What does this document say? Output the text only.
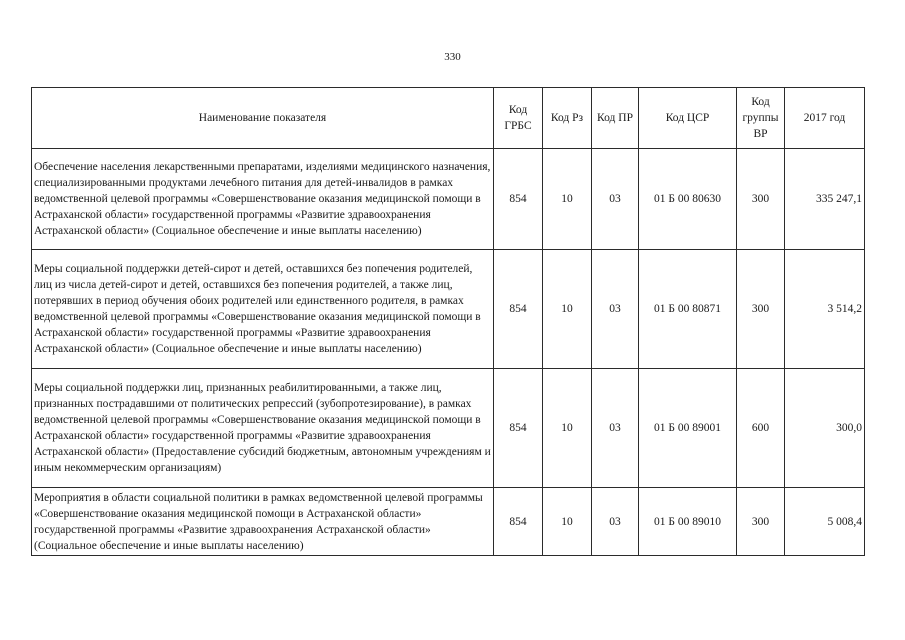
330
Наименование показателя	Код ГРБС	Код Рз	Код ПР	Код ЦСР	Код группы ВР	2017 год
Обеспечение населения лекарственными препаратами, изделиями медицинского назначения, специализированными продуктами лечебного питания для детей-инвалидов в рамках ведомственной целевой программы «Совершенствование оказания медицинской помощи в Астраханской области» государственной программы «Развитие здравоохранения Астраханской области» (Социальное обеспечение и иные выплаты населению)	854	10	03	01 Б 00 80630	300	335 247,1
Меры социальной поддержки детей-сирот и детей, оставшихся без попечения родителей, лиц из числа детей-сирот и детей, оставшихся без попечения родителей, а также лиц, потерявших в период обучения обоих родителей или единственного родителя, в рамках ведомственной целевой программы «Совершенствование оказания медицинской помощи в Астраханской области» государственной программы «Развитие здравоохранения Астраханской области» (Социальное обеспечение и иные выплаты населению)	854	10	03	01 Б 00 80871	300	3 514,2
Меры социальной поддержки лиц, признанных реабилитированными, а также лиц, признанных пострадавшими от политических репрессий (зубопротезирование), в рамках ведомственной целевой программы «Совершенствование оказания медицинской помощи в Астраханской области» государственной программы «Развитие здравоохранения Астраханской области» (Предоставление субсидий бюджетным, автономным учреждениям и иным некоммерческим организациям)	854	10	03	01 Б 00 89001	600	300,0
Мероприятия в области социальной политики в рамках ведомственной целевой программы «Совершенствование оказания медицинской помощи в Астраханской области» государственной программы «Развитие здравоохранения Астраханской области» (Социальное обеспечение и иные выплаты населению)	854	10	03	01 Б 00 89010	300	5 008,4
